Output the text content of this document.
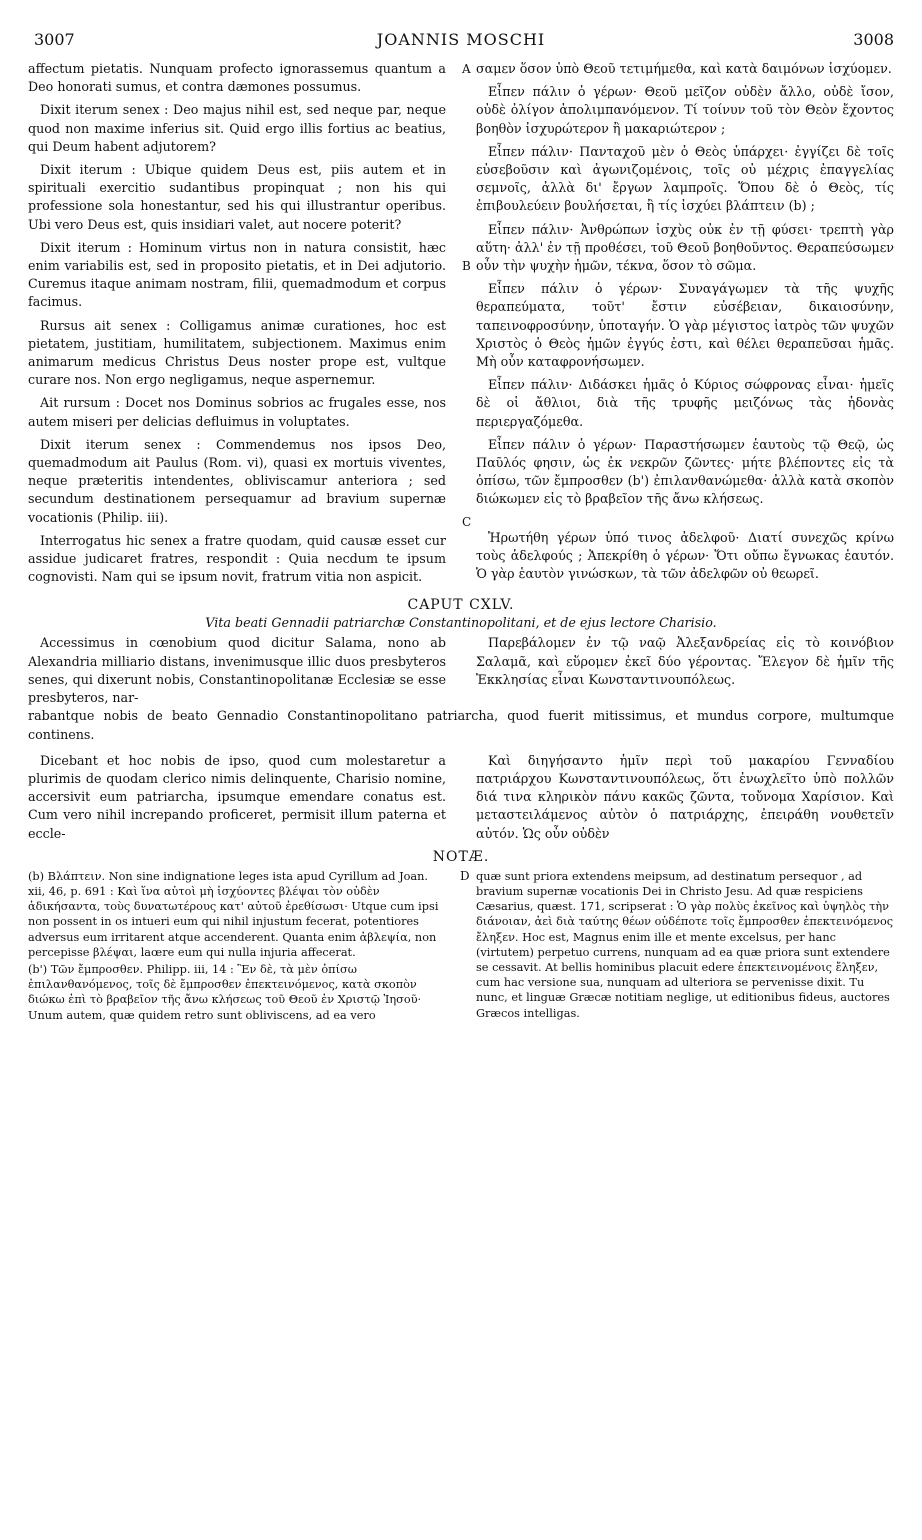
3007	JOANNIS MOSCHI	3008

affectum pietatis. Nunquam profecto ignorassemus quantum a Deo honorati sumus, et contra dæmones possumus.

Dixit iterum senex : Deo majus nihil est, sed neque par, neque quod non maxime inferius sit. Quid ergo illis fortius ac beatius, qui Deum habent adjutorem?

Dixit iterum : Ubique quidem Deus est, piis autem et in spirituali exercitio sudantibus propinquat ; non his qui professione sola honestantur, sed his qui illustrantur operibus. Ubi vero Deus est, quis insidiari valet, aut nocere poterit?

Dixit iterum : Hominum virtus non in natura consistit, hæc enim variabilis est, sed in proposito pietatis, et in Dei adjutorio. Curemus itaque animam nostram, filii, quemadmodum et corpus facimus.

Rursus ait senex : Colligamus animæ curationes, hoc est pietatem, justitiam, humilitatem, subjectionem. Maximus enim animarum medicus Christus Deus noster prope est, vultque curare nos. Non ergo negligamus, neque aspernemur.

Ait rursum : Docet nos Dominus sobrios ac frugales esse, nos autem miseri per delicias defluimus in voluptates.

Dixit iterum senex : Commendemus nos ipsos Deo, quemadmodum ait Paulus (Rom. vi), quasi ex mortuis viventes, neque præteritis intendentes, obliviscamur anteriora ; sed secundum destinationem persequamur ad bravium supernæ vocationis (Philip. iii).

Interrogatus hic senex a fratre quodam, quid causæ esset cur assidue judicaret fratres, respondit : Quia necdum te ipsum cognovisti. Nam qui se ipsum novit, fratrum vitia non aspicit.

A σαμεν ὅσον ὑπὸ Θεοῦ τετιμήμεθα, καὶ κατὰ δαιμόνων ἰσχύομεν.

Εἶπεν πάλιν ὁ γέρων· Θεοῦ μεῖζον οὐδὲν ἄλλο, οὐδὲ ἴσον, οὐδὲ ὀλίγον ἀπολιμπανόμενον. Τί τοίνυν τοῦ τὸν Θεὸν ἔχοντος βοηθὸν ἰσχυρώτερον ἢ μακαριώτερον ;

Εἶπεν πάλιν· Πανταχοῦ μὲν ὁ Θεὸς ὑπάρχει· ἐγγίζει δὲ τοῖς εὐσεβοῦσιν καὶ ἀγωνιζομένοις, τοῖς οὐ μέχρις ἐπαγγελίας σεμνοῖς, ἀλλὰ δι' ἔργων λαμπροῖς. Ὅπου δὲ ὁ Θεὸς, τίς ἐπιβουλεύειν βουλήσεται, ἢ τίς ἰσχύει βλάπτειν (b) ;

B
Εἶπεν πάλιν· Ἀνθρώπων ἰσχὺς οὐκ ἐν τῇ φύσει· τρεπτὴ γὰρ αὕτη· ἀλλ' ἐν τῇ προθέσει, τοῦ Θεοῦ βοηθοῦντος. Θεραπεύσωμεν οὖν τὴν ψυχὴν ἡμῶν, τέκνα, ὅσον τὸ σῶμα.

Εἶπεν πάλιν ὁ γέρων· Συναγάγωμεν τὰ τῆς ψυχῆς θεραπεύματα, τοῦτ' ἔστιν εὐσέβειαν, δικαιοσύνην, ταπεινοφροσύνην, ὑποταγήν. Ὁ γὰρ μέγιστος ἰατρὸς τῶν ψυχῶν Χριστὸς ὁ Θεὸς ἡμῶν ἐγγύς ἐστι, καὶ θέλει θεραπεῦσαι ἡμᾶς. Μὴ οὖν καταφρονήσωμεν.

Εἶπεν πάλιν· Διδάσκει ἡμᾶς ὁ Κύριος σώφρονας εἶναι· ἡμεῖς δὲ οἱ ἄθλιοι, διὰ τῆς τρυφῆς μειζόνως τὰς ἡδονὰς περιεργαζόμεθα.

Εἶπεν πάλιν ὁ γέρων· Παραστήσωμεν ἑαυτοὺς τῷ Θεῷ, ὡς Παῦλός φησιν, ὡς ἐκ νεκρῶν ζῶντες· μήτε βλέποντες εἰς τὰ ὀπίσω, τῶν ἔμπροσθεν (b') ἐπιλανθανώμεθα· ἀλλὰ κατὰ σκοπὸν διώκωμεν εἰς τὸ βραβεῖον τῆς ἄνω κλήσεως.

C
Ἠρωτήθη γέρων ὑπό τινος ἀδελφοῦ· Διατί συνεχῶς κρίνω τοὺς ἀδελφούς ; Ἀπεκρίθη ὁ γέρων· Ὅτι οὔπω ἔγνωκας ἑαυτόν. Ὁ γὰρ ἑαυτὸν γινώσκων, τὰ τῶν ἀδελφῶν οὐ θεωρεῖ.

CAPUT CXLV.
Vita beati Gennadii patriarchæ Constantinopolitani, et de ejus lectore Charisio.

Accessimus in cœnobium quod dicitur Salama, nono ab Alexandria milliario distans, invenimusque illic duos presbyteros senes, qui dixerunt nobis, Constantinopolitanæ Ecclesiæ se esse presbyteros, nar-

Παρεβάλομεν ἐν τῷ ναῷ Ἀλεξανδρείας εἰς τὸ κοινόβιον Σαλαμᾶ, καὶ εὕρομεν ἐκεῖ δύο γέροντας. Ἔλεγον δὲ ἡμῖν τῆς Ἐκκλησίας εἶναι Κωνσταντινουπόλεως.

rabantque nobis de beato Gennadio Constantinopolitano patriarcha, quod fuerit mitissimus, et mundus corpore, multumque continens.

Dicebant et hoc nobis de ipso, quod cum molestaretur a plurimis de quodam clerico nimis delinquente, Charisio nomine, accersivit eum patriarcha, ipsumque emendare conatus est. Cum vero nihil increpando proficeret, permisit illum paterna et eccle-

Καὶ διηγήσαντο ἡμῖν περὶ τοῦ μακαρίου Γενναδίου πατριάρχου Κωνσταντινουπόλεως, ὅτι ἐνωχλεῖτο ὑπὸ πολλῶν διά τινα κληρικὸν πάνυ κακῶς ζῶντα, τοὔνομα Χαρίσιον. Καὶ μεταστειλάμενος αὐτὸν ὁ πατριάρχης, ἐπειράθη νουθετεῖν αὐτόν. Ὡς οὖν οὐδὲν

NOTÆ.

(b) Βλάπτειν. Non sine indignatione leges ista apud Cyrillum ad Joan. xii, 46, p. 691 : Καὶ ἵνα αὐτοὶ μὴ ἰσχύοντες βλέψαι τὸν οὐδὲν ἀδικήσαντα, τοὺς δυνατωτέρους κατ' αὐτοῦ ἐρεθίσωσι· Utque cum ipsi non possent in os intueri eum qui nihil injustum fecerat, potentiores adversus eum irritarent atque accenderent. Quanta enim ἀβλεψία, non percepisse βλέψαι, laœre eum qui nulla injuria affecerat.

(b') Τῶν ἔμπροσθεν. Philipp. iii, 14 : Ἓν δὲ, τὰ μὲν ὀπίσω ἐπιλανθανόμενος, τοῖς δὲ ἔμπροσθεν ἐπεκτεινόμενος, κατὰ σκοπὸν διώκω ἐπὶ τὸ βραβεῖον τῆς ἄνω κλήσεως τοῦ Θεοῦ ἐν Χριστῷ Ἰησοῦ· Unum autem, quæ quidem retro sunt obliviscens, ad ea vero

D quæ sunt priora extendens meipsum, ad destinatum persequor , ad bravium supernæ vocationis Dei in Christo Jesu. Ad quæ respiciens Cæsarius, quæst. 171, scripserat : Ὁ γὰρ πολὺς ἐκεῖνος καὶ ὑψηλὸς τὴν διάνοιαν, ἀεὶ διὰ ταύτης θέων οὐδέποτε τοῖς ἔμπροσθεν ἐπεκτεινόμενος ἔληξεν. Hoc est, Magnus enim ille et mente excelsus, per hanc (virtutem) perpetuo currens, nunquam ad ea quæ priora sunt extendere se cessavit. At bellis hominibus placuit edere ἐπεκτεινομένοις ἔληξεν, cum hac versione sua, nunquam ad ulteriora se pervenisse dixit. Tu nunc, et linguæ Græcæ notitiam neglige, ut editionibus fideus, auctores Græcos intelligas.
